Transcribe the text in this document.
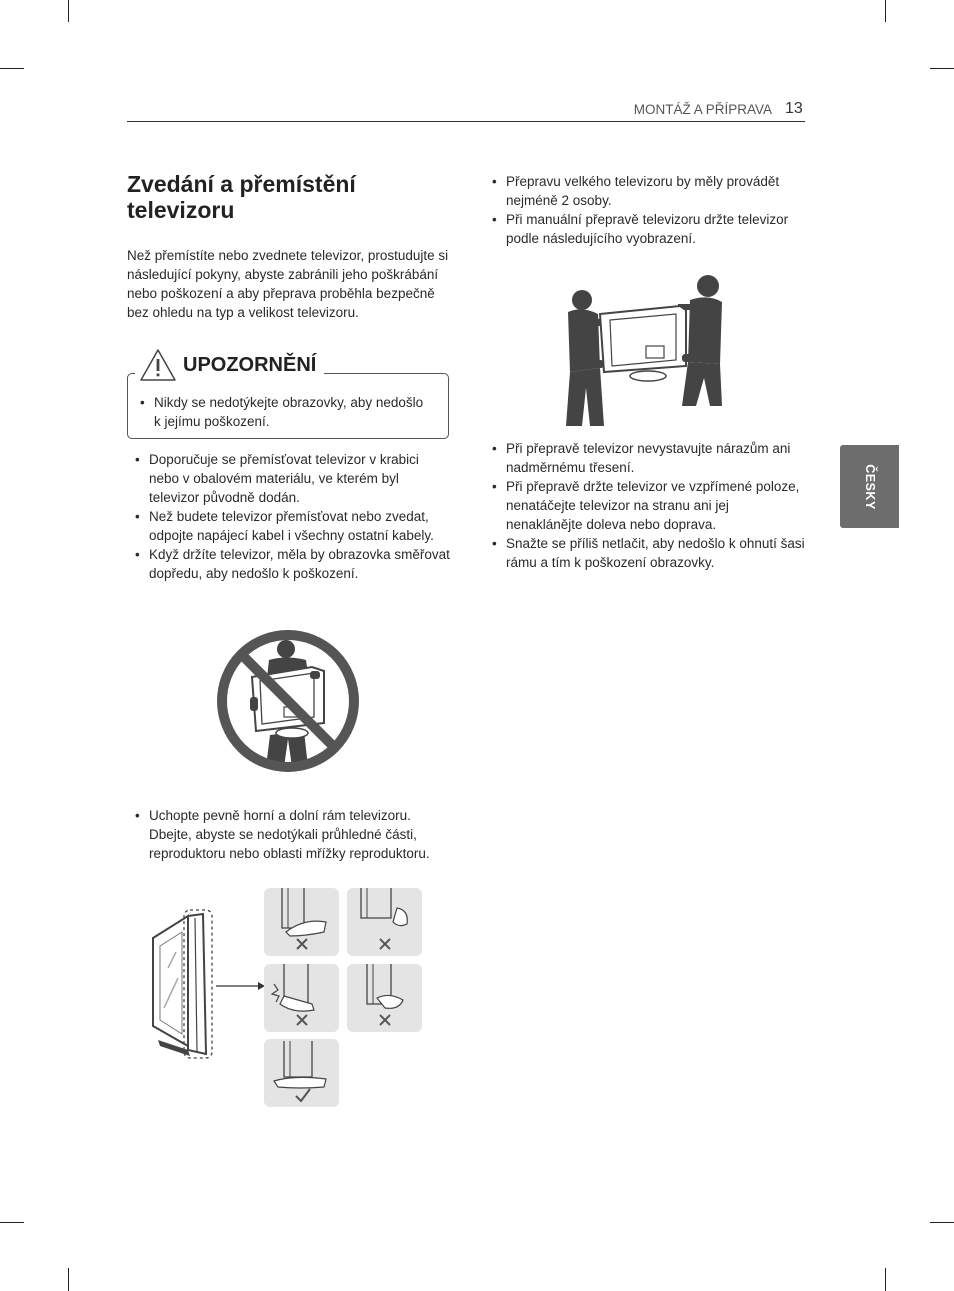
MONTÁŽ A PŘÍPRAVA 13
ČESKY
Zvedání a přemístění televizoru

Než přemístíte nebo zvednete televizor, prostudujte si následující pokyny, abyste zabránili jeho poškrábání nebo poškození a aby přeprava proběhla bezpečně bez ohledu na typ a velikost televizoru.

UPOZORNĚNÍ
• Nikdy se nedotýkejte obrazovky, aby nedošlo k jejímu poškození.
• Doporučuje se přemísťovat televizor v krabici nebo v obalovém materiálu, ve kterém byl televizor původně dodán.
• Než budete televizor přemísťovat nebo zvedat, odpojte napájecí kabel i všechny ostatní kabely.
• Když držíte televizor, měla by obrazovka směřovat dopředu, aby nedošlo k poškození.
• Uchopte pevně horní a dolní rám televizoru. Dbejte, abyste se nedotýkali průhledné části, reproduktoru nebo oblasti mřížky reproduktoru.
• Přepravu velkého televizoru by měly provádět nejméně 2 osoby.
• Při manuální přepravě televizoru držte televizor podle následujícího vyobrazení.
• Při přepravě televizor nevystavujte nárazům ani nadměrnému třesení.
• Při přepravě držte televizor ve vzpřímené poloze, nenatáčejte televizor na stranu ani jej nenaklánějte doleva nebo doprava.
• Snažte se příliš netlačit, aby nedošlo k ohnutí šasi rámu a tím k poškození obrazovky.
